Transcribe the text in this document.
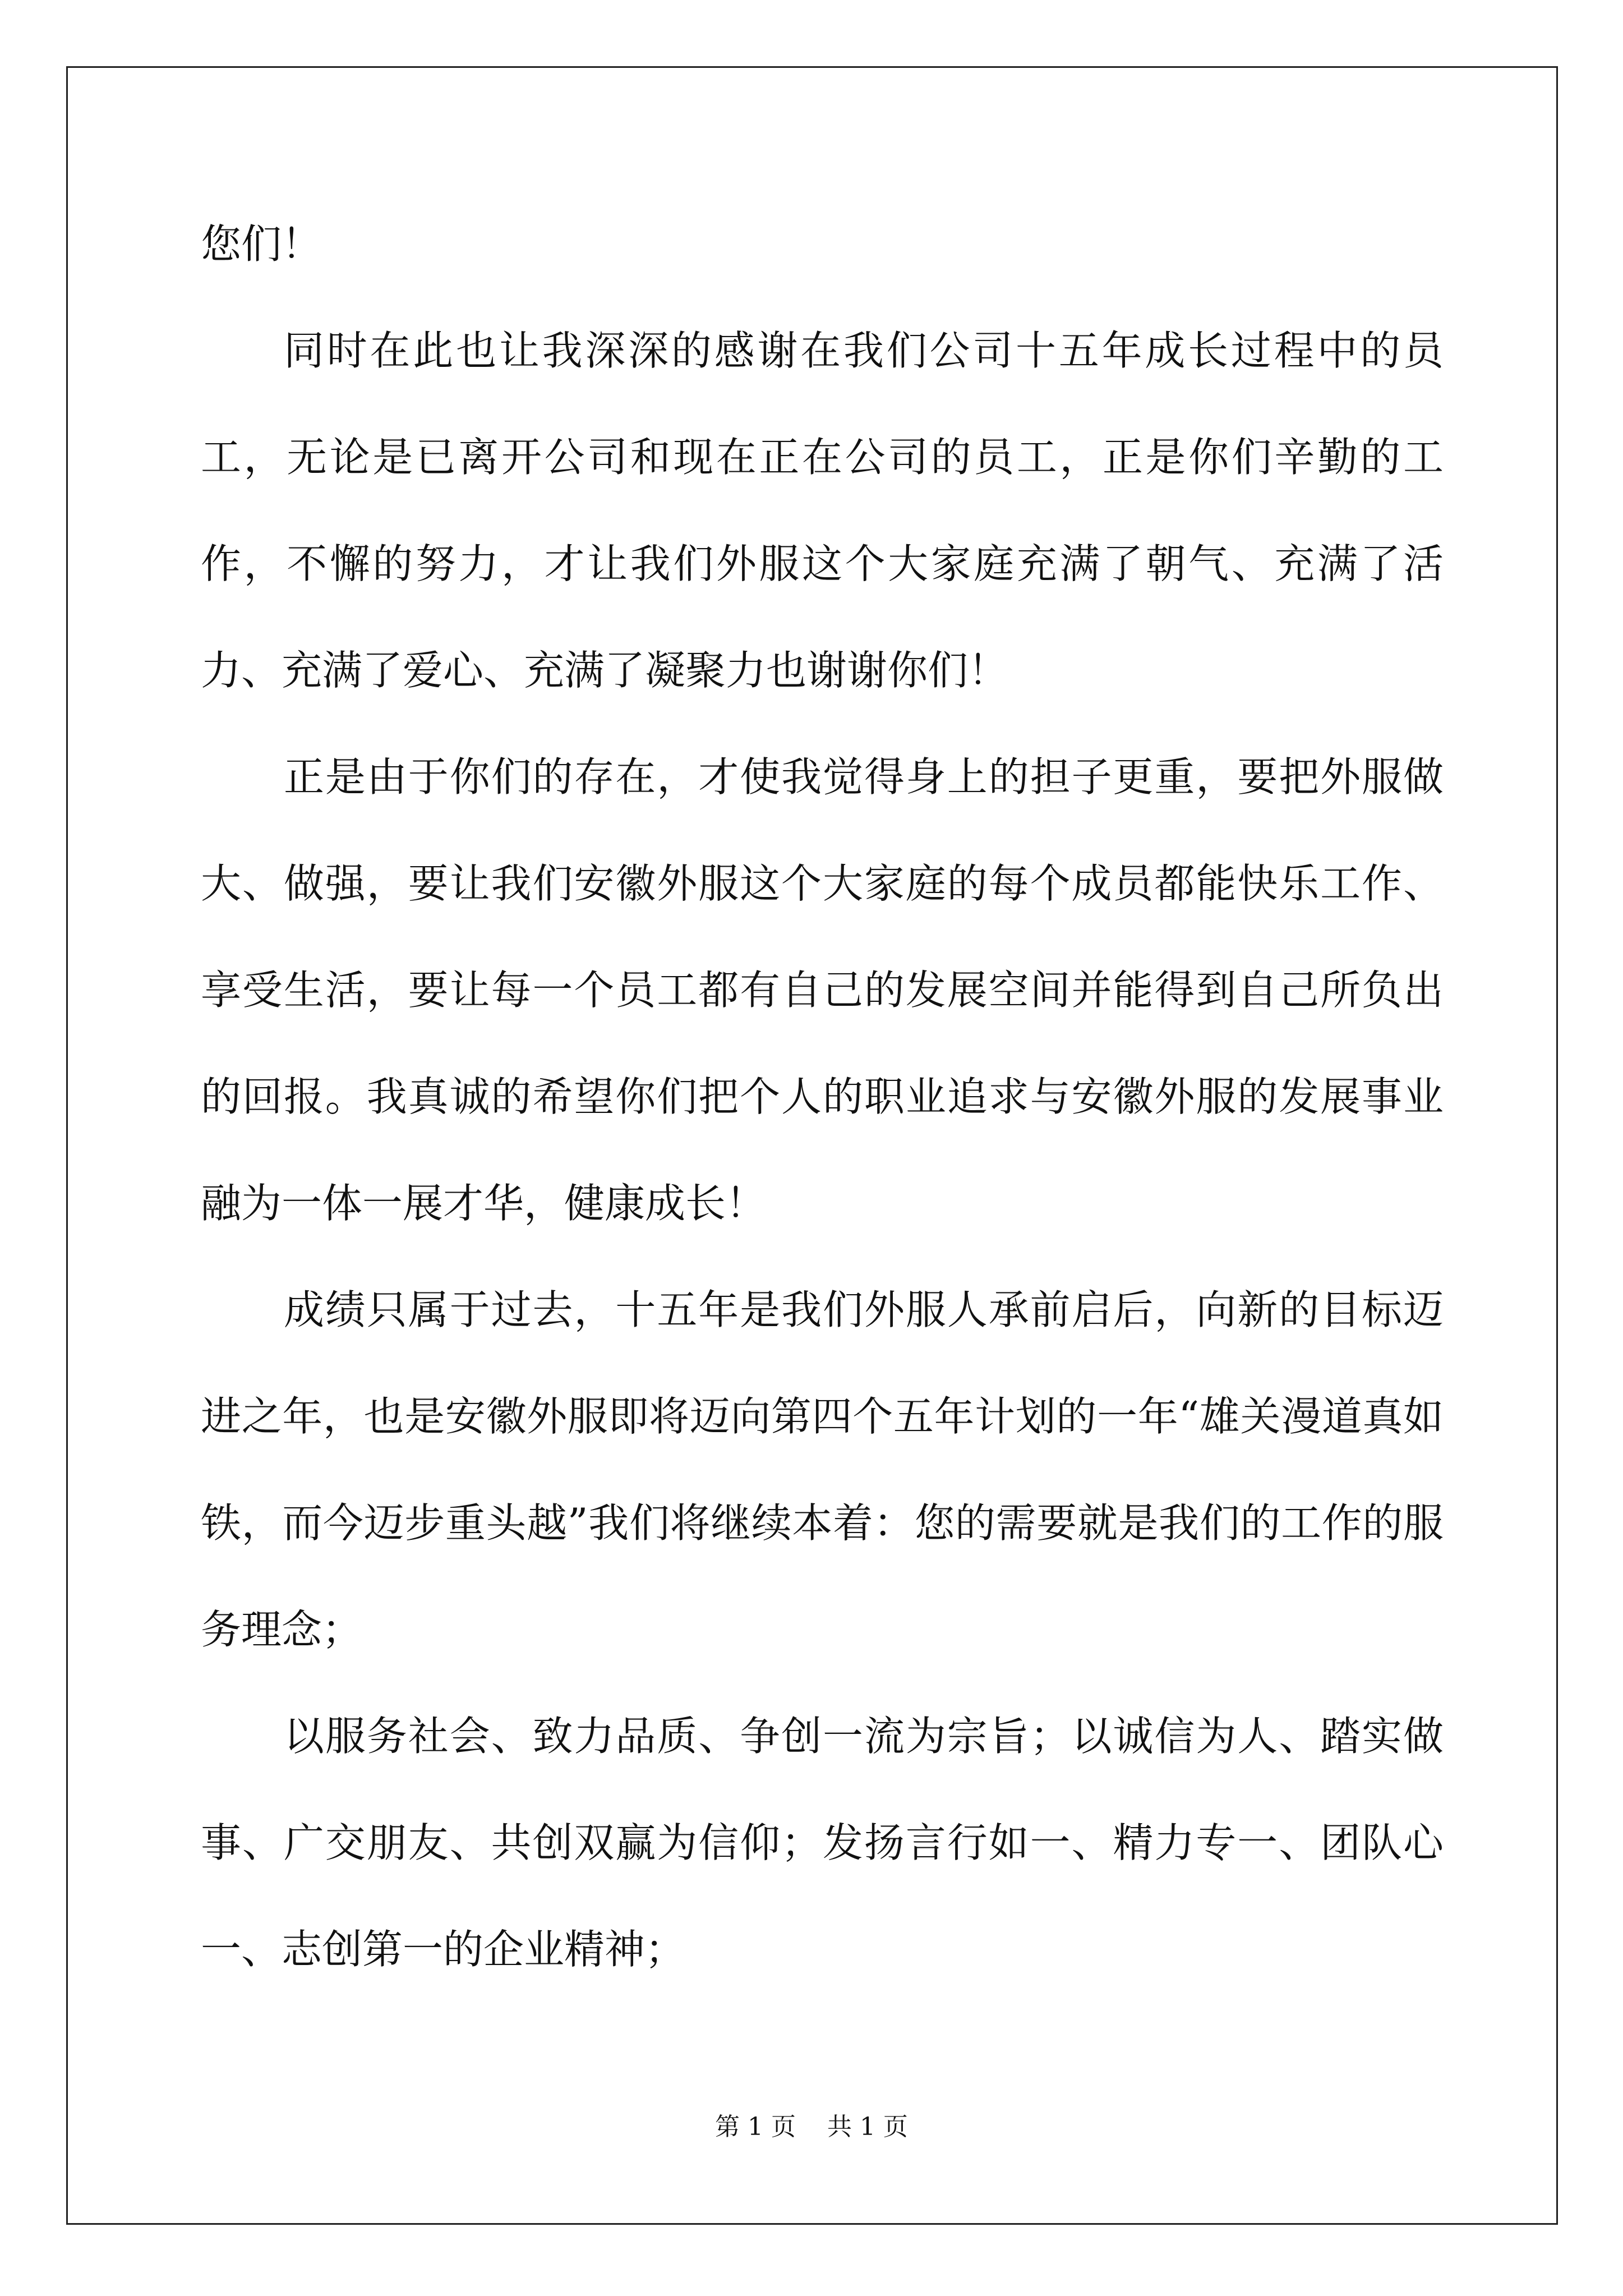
您们！

同时在此也让我深深的感谢在我们公司十五年成长过程中的员工，无论是已离开公司和现在正在公司的员工，正是你们辛勤的工作，不懈的努力，才让我们外服这个大家庭充满了朝气、充满了活力、充满了爱心、充满了凝聚力也谢谢你们！

正是由于你们的存在，才使我觉得身上的担子更重，要把外服做大、做强，要让我们安徽外服这个大家庭的每个成员都能快乐工作、享受生活，要让每一个员工都有自己的发展空间并能得到自己所负出的回报。我真诚的希望你们把个人的职业追求与安徽外服的发展事业融为一体一展才华，健康成长！

成绩只属于过去，十五年是我们外服人承前启后，向新的目标迈进之年，也是安徽外服即将迈向第四个五年计划的一年“雄关漫道真如铁，而今迈步重头越”我们将继续本着：您的需要就是我们的工作的服务理念；

以服务社会、致力品质、争创一流为宗旨；以诚信为人、踏实做事、广交朋友、共创双赢为信仰；发扬言行如一、精力专一、团队心一、志创第一的企业精神；

第 1 页    共 1 页
